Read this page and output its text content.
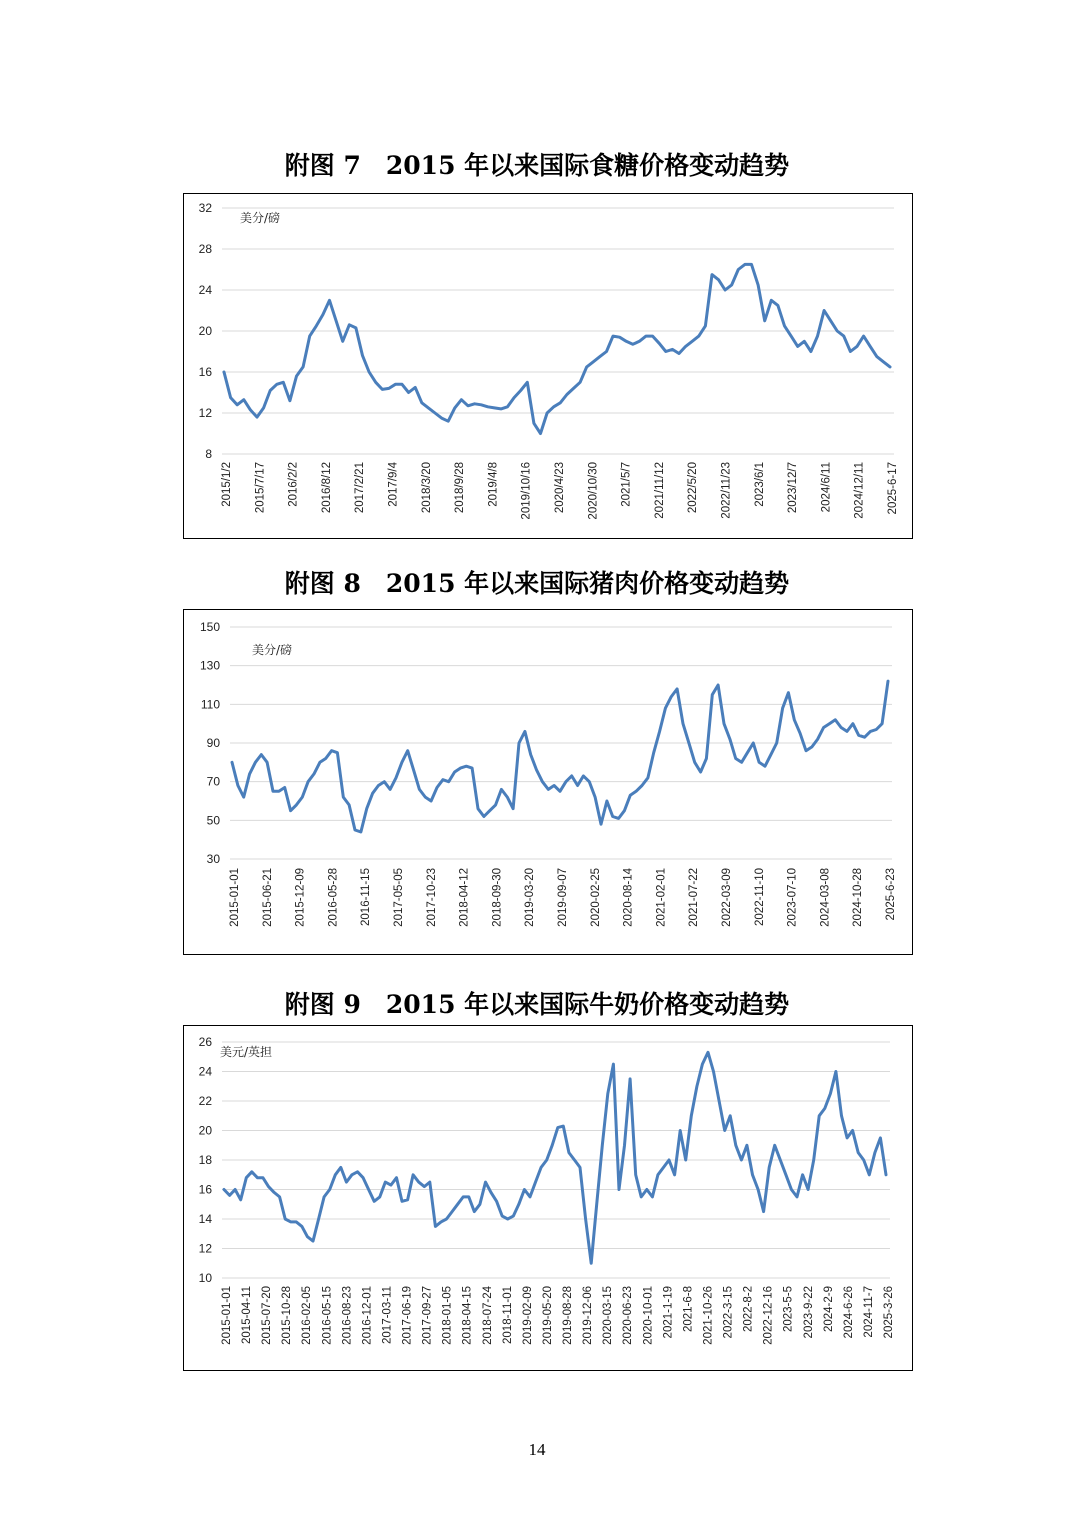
附图 7　2015 年以来国际食糖价格变动趋势
8
12
16
20
24
28
32
美分/磅
2015/1/2 2015/7/17 2016/2/2 2016/8/12 2017/2/21 2017/9/4 2018/3/20 2018/9/28 2019/4/8 2019/10/16 2020/4/23 2020/10/30 2021/5/7 2021/11/12 2022/5/20 2022/11/23 2023/6/1 2023/12/7 2024/6/11 2024/12/11 2025-6-17
附图 8　2015 年以来国际猪肉价格变动趋势
30
50
70
90
110
130
150
美分/磅
2015-01-01 2015-06-21 2015-12-09 2016-05-28 2016-11-15 2017-05-05 2017-10-23 2018-04-12 2018-09-30 2019-03-20 2019-09-07 2020-02-25 2020-08-14 2021-02-01 2021-07-22 2022-03-09 2022-11-10 2023-07-10 2024-03-08 2024-10-28 2025-6-23
附图 9　2015 年以来国际牛奶价格变动趋势
10
12
14
16
18
20
22
24
26
美元/英担
2015-01-01 2015-04-11 2015-07-20 2015-10-28 2016-02-05 2016-05-15 2016-08-23 2016-12-01 2017-03-11 2017-06-19 2017-09-27 2018-01-05 2018-04-15 2018-07-24 2018-11-01 2019-02-09 2019-05-20 2019-08-28 2019-12-06 2020-03-15 2020-06-23 2020-10-01 2021-1-19 2021-6-8 2021-10-26 2022-3-15 2022-8-2 2022-12-16 2023-5-5 2023-9-22 2024-2-9 2024-6-26 2024-11-7 2025-3-26
14
